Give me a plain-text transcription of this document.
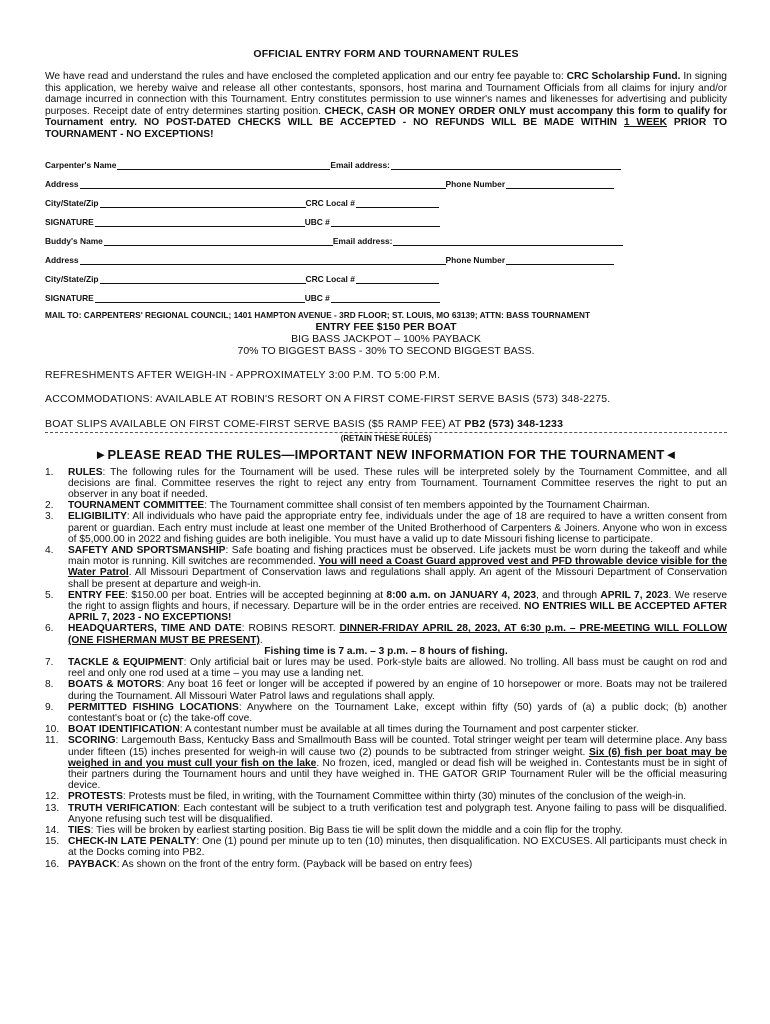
OFFICIAL ENTRY FORM AND TOURNAMENT RULES

We have read and understand the rules and have enclosed the completed application and our entry fee payable to: CRC Scholarship Fund. In signing this application, we hereby waive and release all other contestants, sponsors, host marina and Tournament Officials from all claims for injury and/or damage incurred in connection with this Tournament. Entry constitutes permission to use winner's names and likenesses for advertising and publicity purposes. Receipt date of entry determines starting position. CHECK, CASH OR MONEY ORDER ONLY must accompany this form to qualify for Tournament entry. NO POST-DATED CHECKS WILL BE ACCEPTED - NO REFUNDS WILL BE MADE WITHIN 1 WEEK PRIOR TO TOURNAMENT - NO EXCEPTIONS!

Carpenter's Name	Email address:
Address	Phone Number
City/State/Zip	CRC Local #
SIGNATURE	UBC #
Buddy's Name	Email address:
Address	Phone Number
City/State/Zip	CRC Local #
SIGNATURE	UBC #
MAIL TO: CARPENTERS' REGIONAL COUNCIL; 1401 HAMPTON AVENUE - 3RD FLOOR; ST. LOUIS, MO 63139; ATTN: BASS TOURNAMENT
ENTRY FEE $150 PER BOAT
BIG BASS JACKPOT – 100% PAYBACK
70% TO BIGGEST BASS - 30% TO SECOND BIGGEST BASS.
REFRESHMENTS AFTER WEIGH-IN - APPROXIMATELY 3:00 P.M. TO 5:00 P.M.
ACCOMMODATIONS: AVAILABLE AT ROBIN'S RESORT ON A FIRST COME-FIRST SERVE BASIS (573) 348-2275.
BOAT SLIPS AVAILABLE ON FIRST COME-FIRST SERVE BASIS ($5 RAMP FEE) AT PB2 (573) 348-1233
(RETAIN THESE RULES)
►PLEASE READ THE RULES—IMPORTANT NEW INFORMATION FOR THE TOURNAMENT◄
1. RULES: The following rules for the Tournament will be used. These rules will be interpreted solely by the Tournament Committee, and all decisions are final. Committee reserves the right to reject any entry from Tournament. Tournament Committee reserves the right to put an observer in any boat if needed.
2. TOURNAMENT COMMITTEE: The Tournament committee shall consist of ten members appointed by the Tournament Chairman.
3. ELIGIBILITY: All individuals who have paid the appropriate entry fee, individuals under the age of 18 are required to have a written consent from parent or guardian. Each entry must include at least one member of the United Brotherhood of Carpenters & Joiners. Anyone who won in excess of $5,000.00 in 2022 and fishing guides are both ineligible. You must have a valid up to date Missouri fishing license to participate.
4. SAFETY AND SPORTSMANSHIP: Safe boating and fishing practices must be observed. Life jackets must be worn during the takeoff and while main motor is running. Kill switches are recommended. You will need a Coast Guard approved vest and PFD throwable device visible for the Water Patrol. All Missouri Department of Conservation laws and regulations shall apply. An agent of the Missouri Department of Conservation shall be present at departure and weigh-in.
5. ENTRY FEE: $150.00 per boat. Entries will be accepted beginning at 8:00 a.m. on JANUARY 4, 2023, and through APRIL 7, 2023. We reserve the right to assign flights and hours, if necessary. Departure will be in the order entries are received. NO ENTRIES WILL BE ACCEPTED AFTER APRIL 7, 2023 - NO EXCEPTIONS!
6. HEADQUARTERS, TIME AND DATE: ROBINS RESORT. DINNER-FRIDAY APRIL 28, 2023, AT 6:30 p.m. – PRE-MEETING WILL FOLLOW (ONE FISHERMAN MUST BE PRESENT).
Fishing time is 7 a.m. – 3 p.m. – 8 hours of fishing.
7. TACKLE & EQUIPMENT: Only artificial bait or lures may be used. Pork-style baits are allowed. No trolling. All bass must be caught on rod and reel and only one rod used at a time – you may use a landing net.
8. BOATS & MOTORS: Any boat 16 feet or longer will be accepted if powered by an engine of 10 horsepower or more. Boats may not be trailered during the Tournament. All Missouri Water Patrol laws and regulations shall apply.
9. PERMITTED FISHING LOCATIONS: Anywhere on the Tournament Lake, except within fifty (50) yards of (a) a public dock; (b) another contestant's boat or (c) the take-off cove.
10. BOAT IDENTIFICATION: A contestant number must be available at all times during the Tournament and post carpenter sticker.
11. SCORING: Largemouth Bass, Kentucky Bass and Smallmouth Bass will be counted. Total stringer weight per team will determine place. Any bass under fifteen (15) inches presented for weigh-in will cause two (2) pounds to be subtracted from stringer weight. Six (6) fish per boat may be weighed in and you must cull your fish on the lake. No frozen, iced, mangled or dead fish will be weighed in. Contestants must be in sight of their partners during the Tournament hours and until they have weighed in. THE GATOR GRIP Tournament Ruler will be the official measuring device.
12. PROTESTS: Protests must be filed, in writing, with the Tournament Committee within thirty (30) minutes of the conclusion of the weigh-in.
13. TRUTH VERIFICATION: Each contestant will be subject to a truth verification test and polygraph test. Anyone failing to pass will be disqualified. Anyone refusing such test will be disqualified.
14. TIES: Ties will be broken by earliest starting position. Big Bass tie will be split down the middle and a coin flip for the trophy.
15. CHECK-IN LATE PENALTY: One (1) pound per minute up to ten (10) minutes, then disqualification. NO EXCUSES. All participants must check in at the Docks coming into PB2.
16. PAYBACK: As shown on the front of the entry form. (Payback will be based on entry fees)
